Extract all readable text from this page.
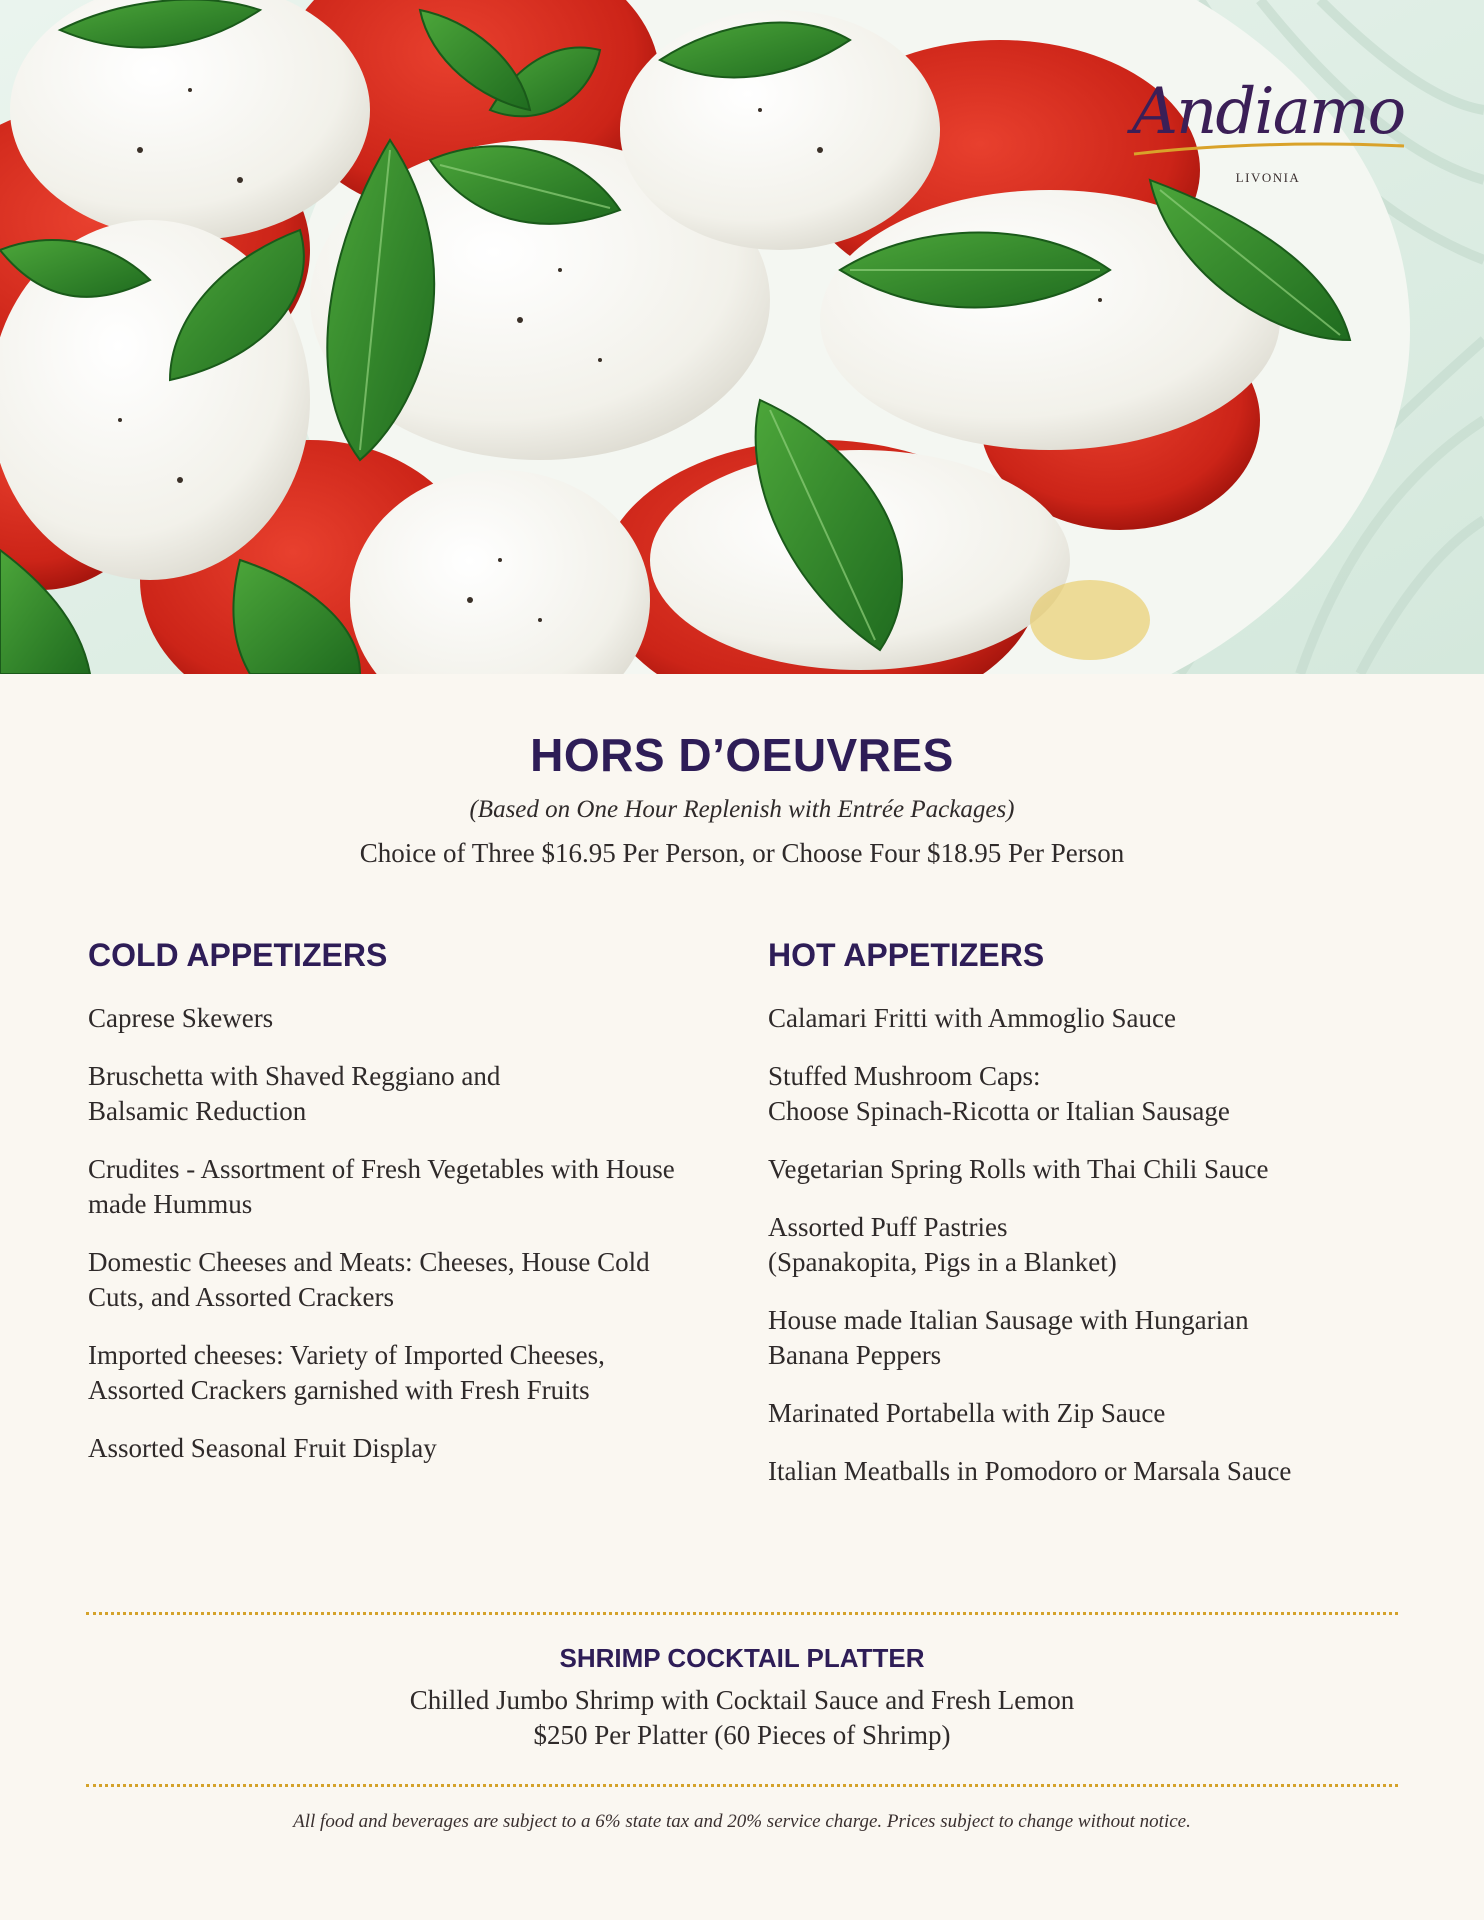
Andiamo
LIVONIA
HORS D’OEUVRES
(Based on One Hour Replenish with Entrée Packages)
Choice of Three $16.95 Per Person, or Choose Four $18.95 Per Person
COLD APPETIZERS
Caprese Skewers
Bruschetta with Shaved Reggiano and
Balsamic Reduction
Crudites - Assortment of Fresh Vegetables with House
made Hummus
Domestic Cheeses and Meats: Cheeses, House Cold
Cuts, and Assorted Crackers
Imported cheeses: Variety of Imported Cheeses,
Assorted Crackers garnished with Fresh Fruits
Assorted Seasonal Fruit Display
HOT APPETIZERS
Calamari Fritti with Ammoglio Sauce
Stuffed Mushroom Caps:
Choose Spinach-Ricotta or Italian Sausage
Vegetarian Spring Rolls with Thai Chili Sauce
Assorted Puff Pastries
(Spanakopita, Pigs in a Blanket)
House made Italian Sausage with Hungarian
Banana Peppers
Marinated Portabella with Zip Sauce
Italian Meatballs in Pomodoro or Marsala Sauce
SHRIMP COCKTAIL PLATTER
Chilled Jumbo Shrimp with Cocktail Sauce and Fresh Lemon
$250 Per Platter (60 Pieces of Shrimp)
All food and beverages are subject to a 6% state tax and 20% service charge. Prices subject to change without notice.
